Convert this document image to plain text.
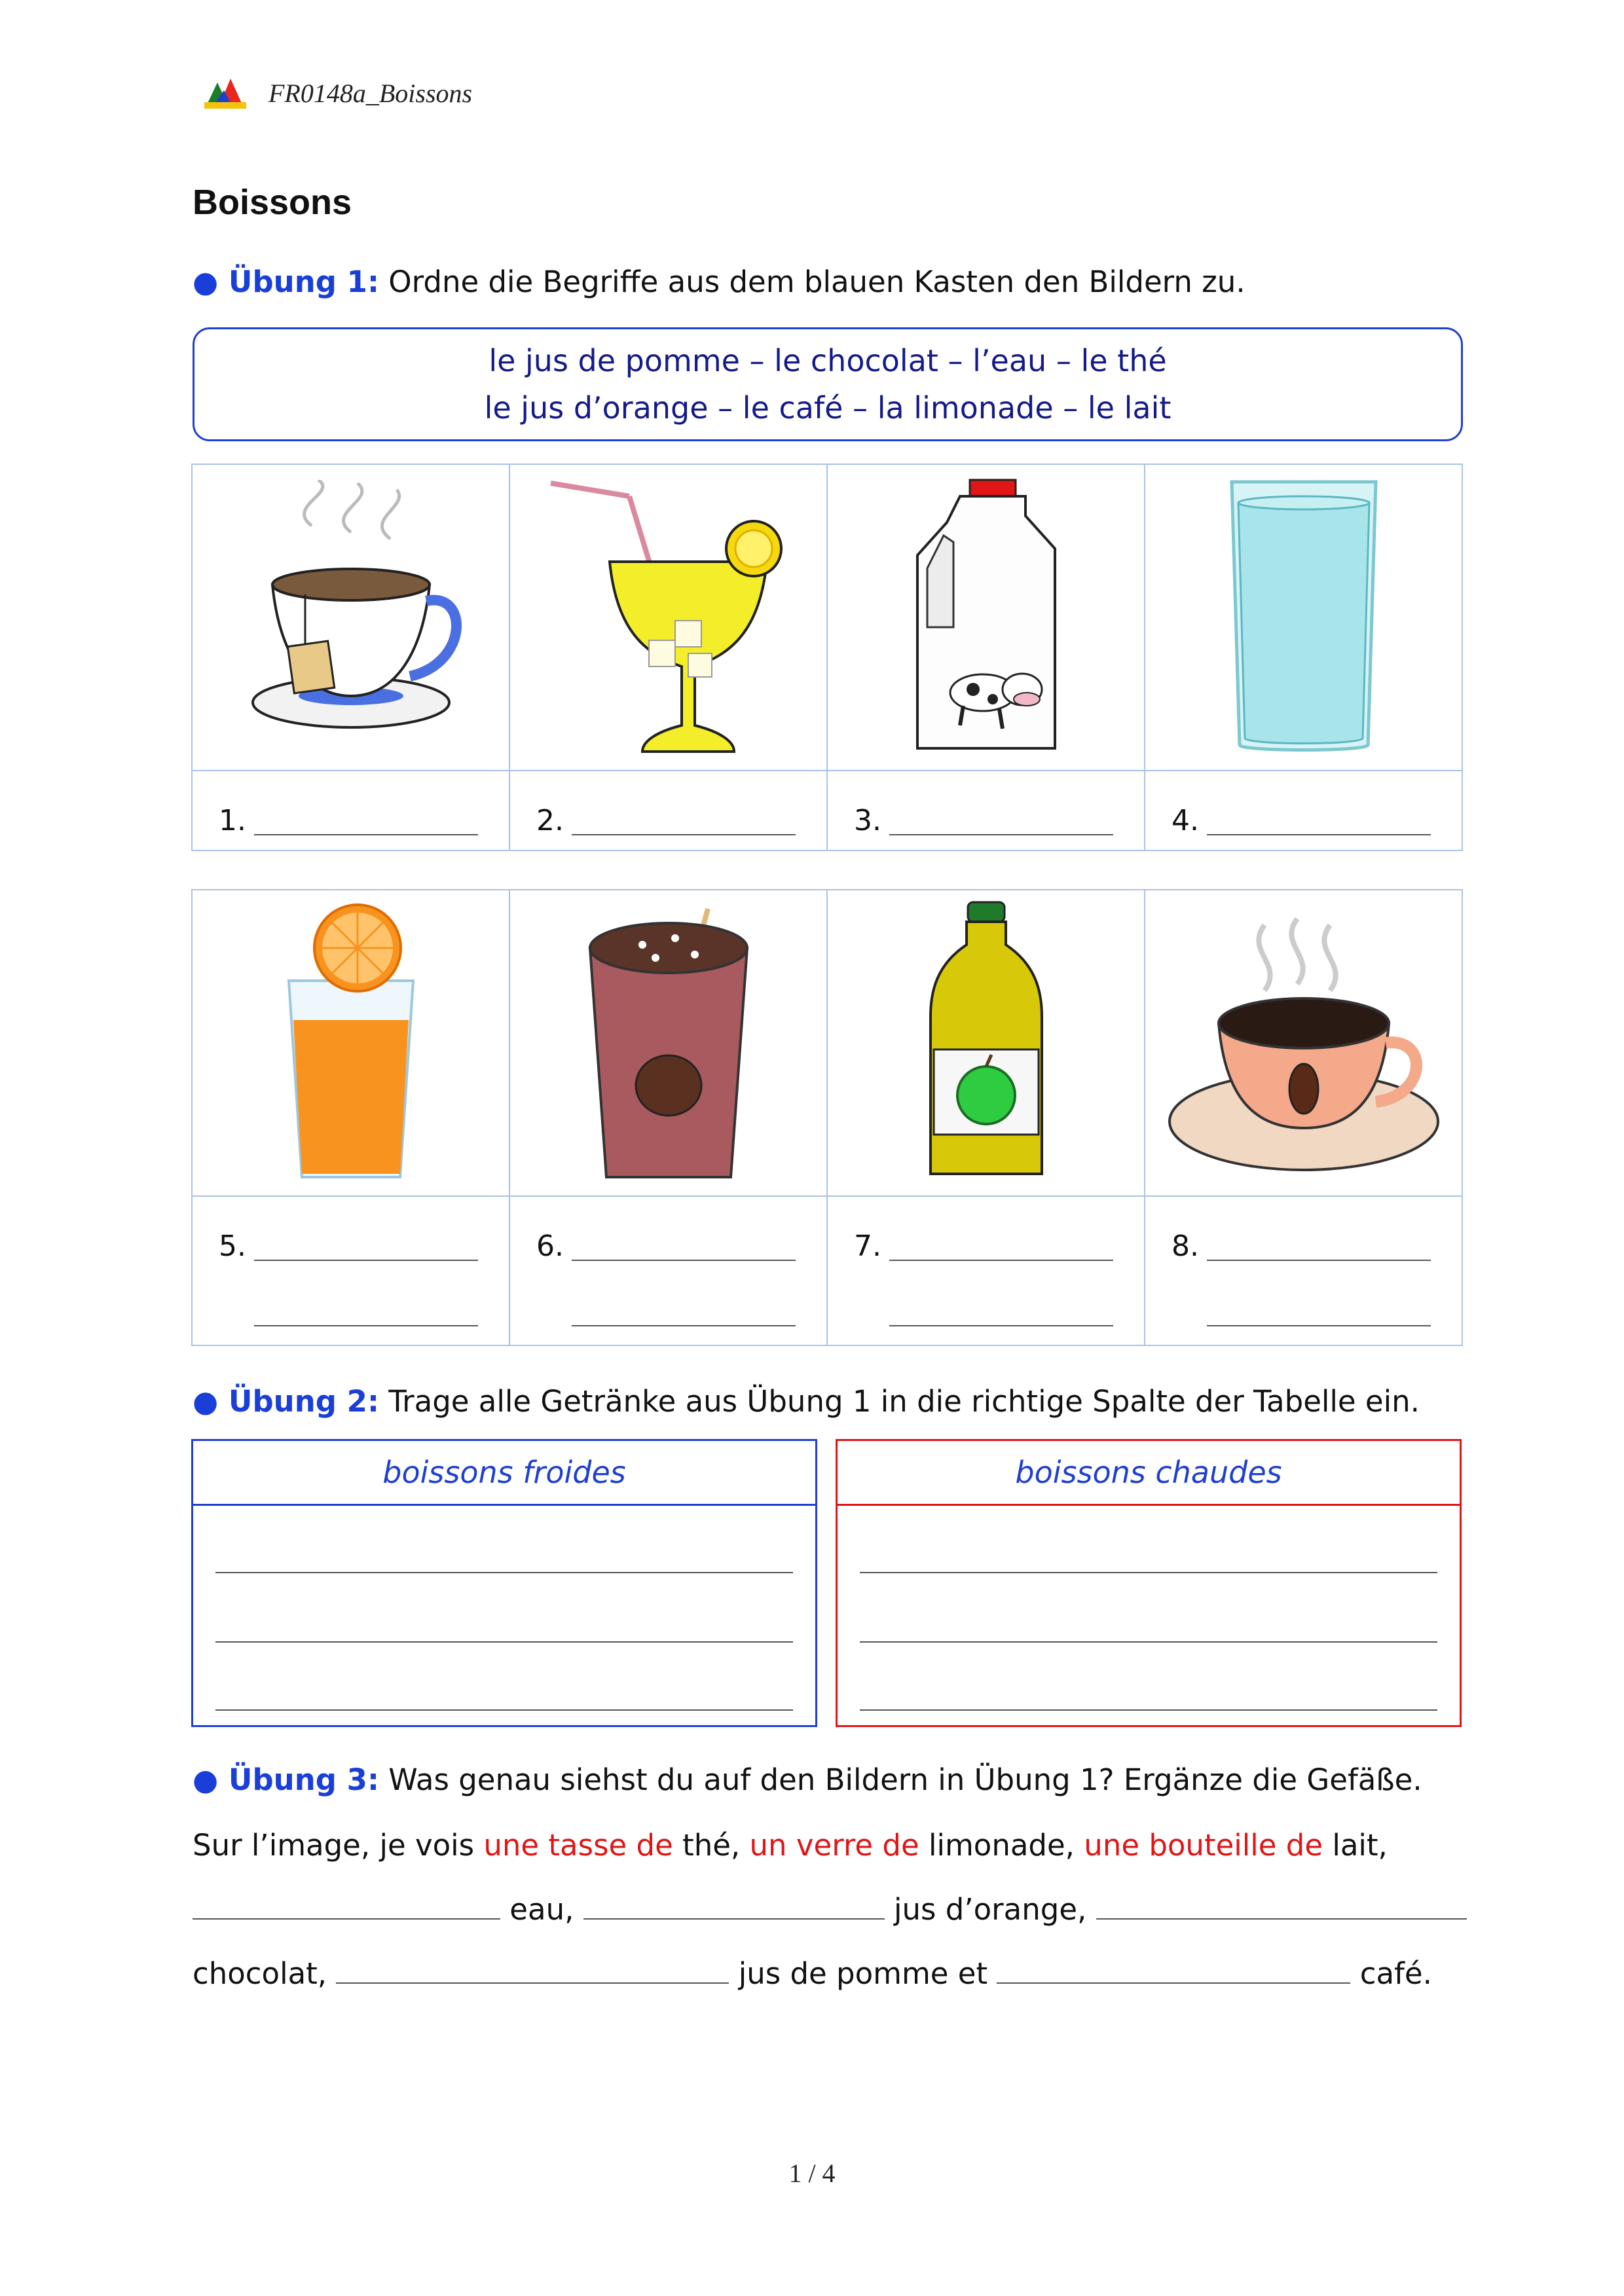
FR0148a_Boissons
Boissons
● Übung 1: Ordne die Begriffe aus dem blauen Kasten den Bildern zu.
le jus de pomme – le chocolat – l’eau – le thé
le jus d’orange – le café – la limonade – le lait

1.	2.	3.	4.

5.	6.	7.	8.
● Übung 2: Trage alle Getränke aus Übung 1 in die richtige Spalte der Tabelle ein.
boissons froides	boissons chaudes
● Übung 3: Was genau siehst du auf den Bildern in Übung 1? Ergänze die Gefäße.
Sur l’image, je vois une tasse de thé, un verre de limonade, une bouteille de lait,
eau,	jus d’orange,
chocolat,	jus de pomme et	café.
1 / 4
